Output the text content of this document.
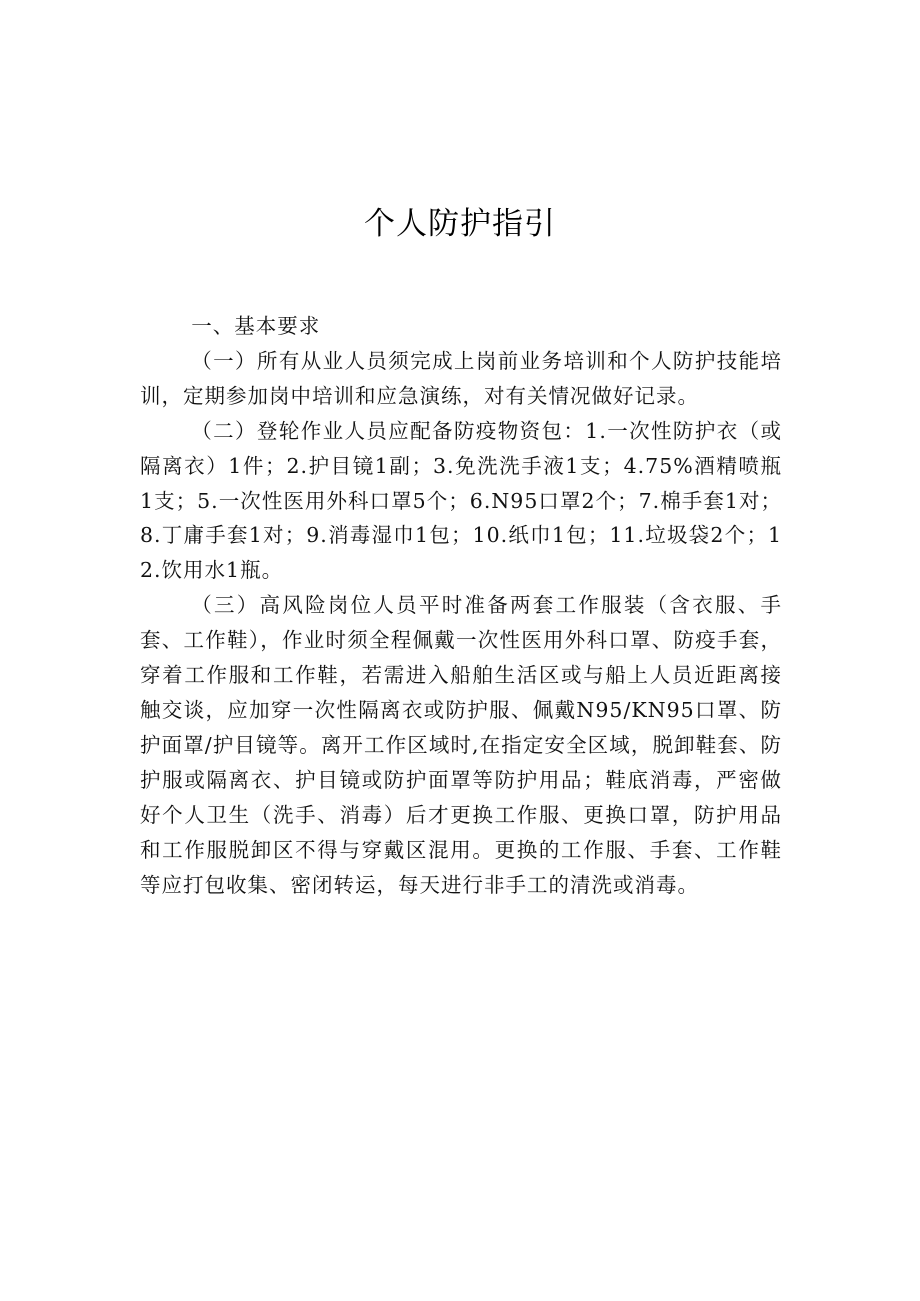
个人防护指引

一、基本要求

（一）所有从业人员须完成上岗前业务培训和个人防护技能培训，定期参加岗中培训和应急演练，对有关情况做好记录。

（二）登轮作业人员应配备防疫物资包：1.一次性防护衣（或隔离衣）1件；2.护目镜1副；3.免洗洗手液1支；4.75%酒精喷瓶1支；5.一次性医用外科口罩5个；6.N95口罩2个；7.棉手套1对；8.丁庸手套1对；9.消毒湿巾1包；10.纸巾1包；11.垃圾袋2个；12.饮用水1瓶。

（三）高风险岗位人员平时准备两套工作服装（含衣服、手套、工作鞋），作业时须全程佩戴一次性医用外科口罩、防疫手套，穿着工作服和工作鞋，若需进入船舶生活区或与船上人员近距离接触交谈，应加穿一次性隔离衣或防护服、佩戴N95/KN95口罩、防护面罩/护目镜等。离开工作区域时,在指定安全区域，脱卸鞋套、防护服或隔离衣、护目镜或防护面罩等防护用品；鞋底消毒，严密做好个人卫生（洗手、消毒）后才更换工作服、更换口罩，防护用品和工作服脱卸区不得与穿戴区混用。更换的工作服、手套、工作鞋等应打包收集、密闭转运，每天进行非手工的清洗或消毒。
